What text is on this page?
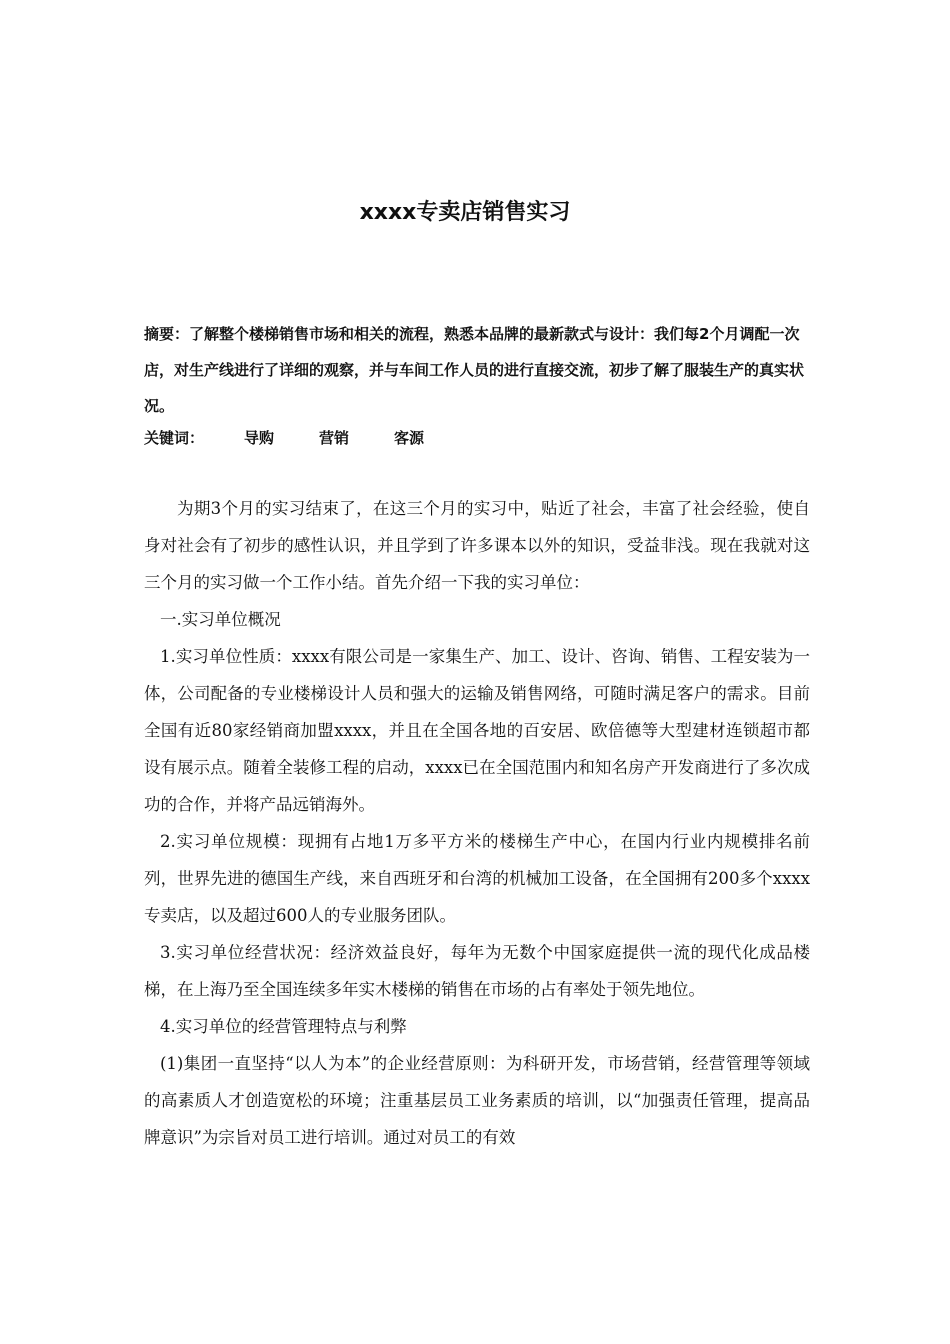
xxxx专卖店销售实习

摘要：了解整个楼梯销售市场和相关的流程，熟悉本品牌的最新款式与设计：我们每2个月调配一次店，对生产线进行了详细的观察，并与车间工作人员的进行直接交流，初步了解了服装生产的真实状况。

关键词：	导购	营销	客源

为期3个月的实习结束了，在这三个月的实习中，贴近了社会，丰富了社会经验，使自身对社会有了初步的感性认识，并且学到了许多课本以外的知识，受益非浅。现在我就对这三个月的实习做一个工作小结。首先介绍一下我的实习单位：

一.实习单位概况

1.实习单位性质：xxxx有限公司是一家集生产、加工、设计、咨询、销售、工程安装为一体，公司配备的专业楼梯设计人员和强大的运输及销售网络，可随时满足客户的需求。目前全国有近80家经销商加盟xxxx，并且在全国各地的百安居、欧倍德等大型建材连锁超市都设有展示点。随着全装修工程的启动，xxxx已在全国范围内和知名房产开发商进行了多次成功的合作，并将产品远销海外。

2.实习单位规模：现拥有占地1万多平方米的楼梯生产中心，在国内行业内规模排名前列，世界先进的德国生产线，来自西班牙和台湾的机械加工设备，在全国拥有200多个xxxx专卖店，以及超过600人的专业服务团队。

3.实习单位经营状况：经济效益良好，每年为无数个中国家庭提供一流的现代化成品楼梯，在上海乃至全国连续多年实木楼梯的销售在市场的占有率处于领先地位。

4.实习单位的经营管理特点与利弊

(1)集团一直坚持“以人为本”的企业经营原则：为科研开发，市场营销，经营管理等领域的高素质人才创造宽松的环境；注重基层员工业务素质的培训，以“加强责任管理，提高品牌意识”为宗旨对员工进行培训。通过对员工的有效
